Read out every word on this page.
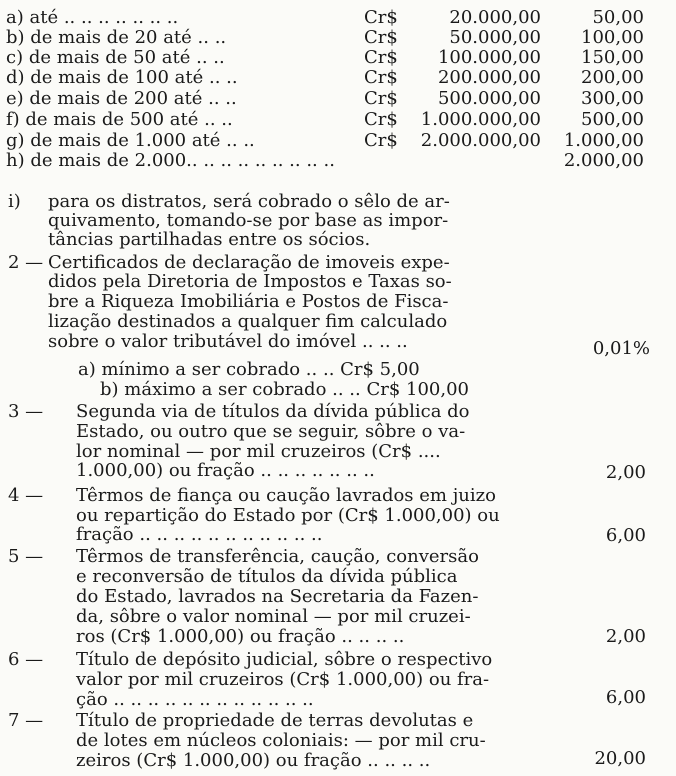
a) até .. .. .. .. .. .. ..	Cr$	20.000,00	50,00
b) de mais de 20 até .. ..	Cr$	50.000,00 100,00
c) de mais de 50 até .. ..	Cr$ 100.000,00 150,00
d) de mais de 100 até .. ..	Cr$ 200.000,00 200,00
e) de mais de 200 até .. ..	Cr$ 500.000,00 300,00
f) de mais de 500 até .. ..	Cr$ 1.000.000,00 500,00
g) de mais de 1.000 até .. ..	Cr$ 2.000.000,00 1.000,00
h) de mais de 2.000.. .. .. .. .. .. .. .. ..	2.000,00
i) para os distratos, será cobrado o sêlo de ar-
quivamento, tomando-se por base as impor-
tâncias partilhadas entre os sócios.
2 — Certificados de declaração de imoveis expe-
didos pela Diretoria de Impostos e Taxas so-
bre a Riqueza Imobiliária e Postos de Fisca-
lização destinados a qualquer fim calculado
sobre o valor tributável do imóvel .. .. ..	0,01%
a) mínimo a ser cobrado .. .. Cr$ 5,00
b) máximo a ser cobrado .. .. Cr$ 100,00
3 — Segunda via de títulos da dívida pública do
Estado, ou outro que se seguir, sôbre o va-
lor nominal — por mil cruzeiros (Cr$ ....
1.000,00) ou fração .. .. .. .. .. .. ..	2,00
4 — Têrmos de fiança ou caução lavrados em juizo
ou repartição do Estado por (Cr$ 1.000,00) ou
fração .. .. .. .. .. .. .. .. .. .. ..	6,00
5 — Têrmos de transferência, caução, conversão
e reconversão de títulos da dívida pública
do Estado, lavrados na Secretaria da Fazen-
da, sôbre o valor nominal — por mil cruzei-
ros (Cr$ 1.000,00) ou fração .. .. .. ..	2,00
6 — Título de depósito judicial, sôbre o respectivo
valor por mil cruzeiros (Cr$ 1.000,00) ou fra-
ção .. .. .. .. .. .. .. .. .. .. .. ..	6,00
7 — Título de propriedade de terras devolutas e
de lotes em núcleos coloniais: — por mil cru-
zeiros (Cr$ 1.000,00) ou fração .. .. .. ..	20,00
